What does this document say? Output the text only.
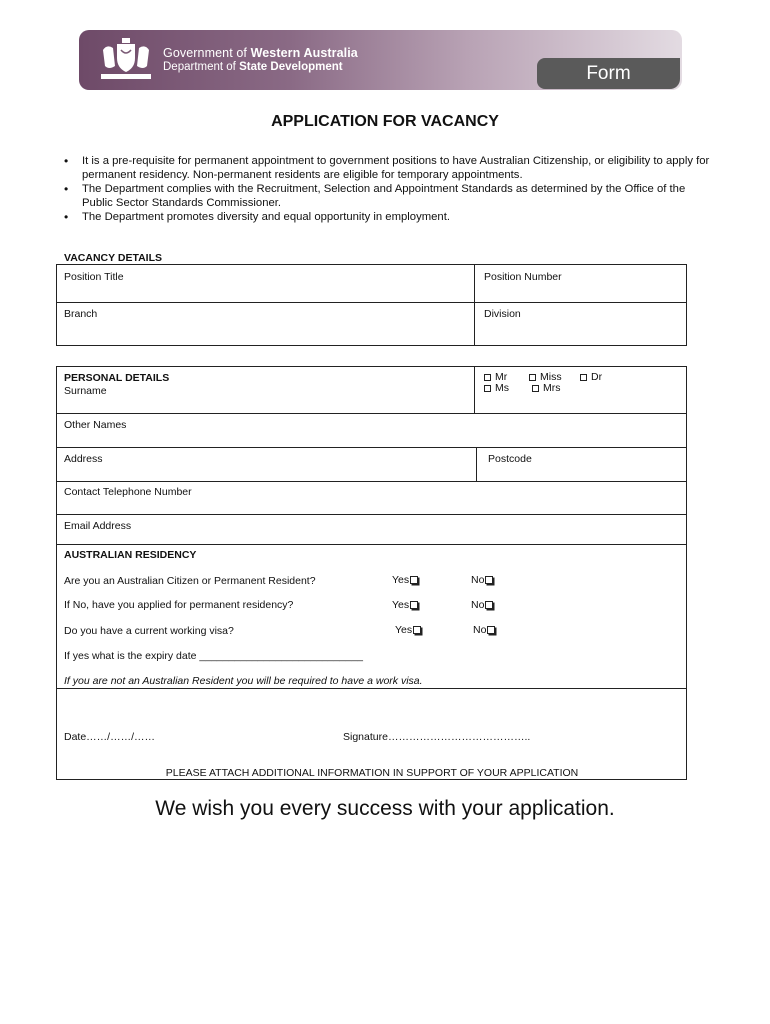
Government of Western Australia
Department of State Development	Form
APPLICATION FOR VACANCY
• It is a pre-requisite for permanent appointment to government positions to have Australian Citizenship, or eligibility to apply for permanent residency. Non-permanent residents are eligible for temporary appointments.
• The Department complies with the Recruitment, Selection and Appointment Standards as determined by the Office of the Public Sector Standards Commissioner.
• The Department promotes diversity and equal opportunity in employment.
VACANCY DETAILS
Position Title	Position Number
Branch	Division
PERSONAL DETAILS
Surname
Mr	Miss	Dr
Ms	Mrs
Other Names
Address	Postcode
Contact Telephone Number
Email Address
AUSTRALIAN RESIDENCY
Are you an Australian Citizen or Permanent Resident?	Yes	No
If No, have you applied for permanent residency?	Yes	No
Do you have a current working visa?	Yes	No
If yes what is the expiry date ____________________________
If you are not an Australian Resident you will be required to have a work visa.
Date……/……/……	Signature…………………………………..
PLEASE ATTACH ADDITIONAL INFORMATION IN SUPPORT OF YOUR APPLICATION
We wish you every success with your application.
